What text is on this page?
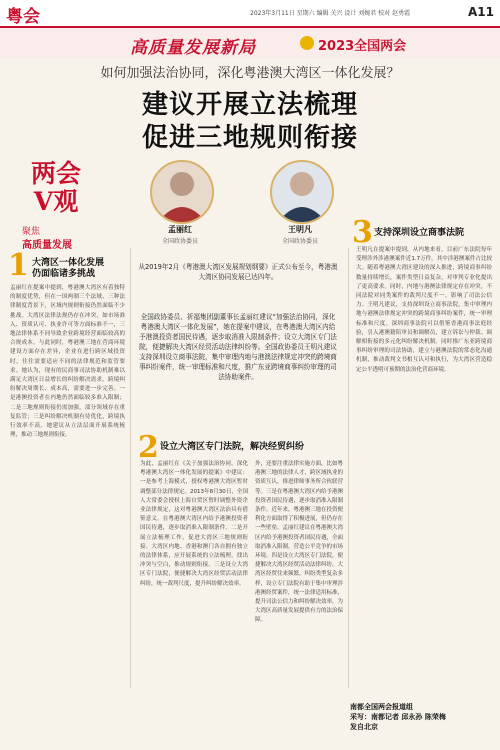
粤会	2023年3月11日 星期六 编辑 关兴 设计 刘婉君 校对 赵勇霞	A11
高质量发展新局	2023全国两会
如何加强法治协同，深化粤港澳大湾区一体化发展？
建议开展立法梳理
促进三地规则衔接
两会
V观
聚焦
高质量发展
孟丽红
全国政协委员
王明凡
全国政协委员
从2019年2月《粤港澳大湾区发展规划纲要》正式公布至今，粤港澳大湾区协同发展已达四年。
全国政协委员、祈福集团副董事长孟丽红建议“加强法治协同，深化粤港澳大湾区一体化发展”，她在提案中建议，在粤港澳大湾区内给予港澳投资者国民待遇，逐步取消准入限制条件；设立大湾区专门法院，便捷解决大湾区经贸活动法律纠纷等。全国政协委员王明凡建议支持深圳设立商事法院，集中审理内地与港澳法律规定冲突的跨境商事纠纷案件，统一审理标准和尺度，推广东亚跨境商事纠纷审理的司法协助案件。
1 大湾区一体化发展
仍面临诸多挑战
孟丽红在提案中提到，粤港澳大湾区有着独特的制度优势，但在一国两制三个法域、三种法律制度背景下，区域内规则衔接仍然面临不少挑战。大湾区法律法规仍存在冲突，如市场准入、资质认可、执业许可等方面标准不一，三地法律体系不同导致企业跨境经营面临较高的合规成本。与此同时，粤港澳三地在营商环境建设方面存在差异，企业在进行跨区域投资时，往往需要适应不同的法律规范和监管要求。她认为，现有的民商事司法协助机制难以满足大湾区日益增长的纠纷解决需求，跨境纠纷解决周期长、成本高，需要进一步完善。一是港澳投资者在内地仍然面临较多准入限制；二是三地规则衔接仍需加强，部分领域存在重复监管；三是纠纷解决机制有待优化，跨境执行效率不高。她建议从立法层面开展系统梳理，推动三地规则衔接。	2 设立大湾区专门法院，解决经贸纠纷
为此，孟丽红在《关于加强法治协同，深化粤港澳大湾区一体化发展的提案》中建议：一是参考上海模式，授权粤港澳大湾区暂时调整部分法律规定。2013年8月30日，全国人大常委会授权上海自贸区暂时调整外资企业法律规定，这对粤港澳大湾区法治具有借鉴意义。在粤港澳大湾区内给予港澳投资者国民待遇，逐步取消准入限制条件。二是开展立法梳理工作，促进大湾区三地规则衔接。大湾区内地、香港和澳门各自拥有独立的法律体系，应开展系统的立法梳理，找出冲突与空白，推动规则衔接。三是设立大湾区专门法院，便捷解决大湾区经贸活动法律纠纷，统一裁判尺度，提升纠纷解决效率。
外，还要注重法律实施方面，比如粤港澳三地的法律人才，跨区域执业的资质互认，推进律师事务所合伙联营等。三是在粤港澳大湾区内给予港澳投资者国民待遇，逐步取消准入限制条件。近年来，粤港澳三地在投资便利化方面取得了积极进展，但仍存在一些壁垒。孟丽红建议在粤港澳大湾区内给予港澳投资者国民待遇，全面取消准入限制，营造公平竞争的市场环境。四是设立大湾区专门法院，便捷解决大湾区经贸活动法律纠纷。大湾区经贸往来频繁，纠纷类型复杂多样，设立专门法院有助于集中审理涉港澳经贸案件，统一法律适用标准，提升司法公信力和纠纷解决效率，为大湾区高质量发展提供有力的法治保障。
3 支持深圳设立商事法院
王明凡在提案中提到，从内地来看，目前广东法院每年受理涉外涉港澳案件近1.7万件，其中涉港澳案件占比较大。随着粤港澳大湾区建设的深入推进，跨境商事纠纷数量持续增长，案件类型日益复杂，对审判专业化提出了更高要求。同时，内地与港澳法律规定存在冲突，不同法院对同类案件的裁判尺度不一，影响了司法公信力。王明凡建议，支持深圳设立商事法院，集中审理内地与港澳法律规定冲突的跨境商事纠纷案件，统一审理标准和尺度。深圳商事法院可以借鉴香港商事法庭经验，引入港澳籍陪审员和调解员，建立诉讼与仲裁、调解相衔接的多元化纠纷解决机制。同时推广东亚跨境商事纠纷审理的司法协助，建立与港澳法院的常态化沟通机制，推动裁判文书相互认可和执行，为大湾区营造稳定公平透明可预期的法治化营商环境。
南都全国两会报道组
采写：南都记者 邱永孙 陈荣梅
发自北京
